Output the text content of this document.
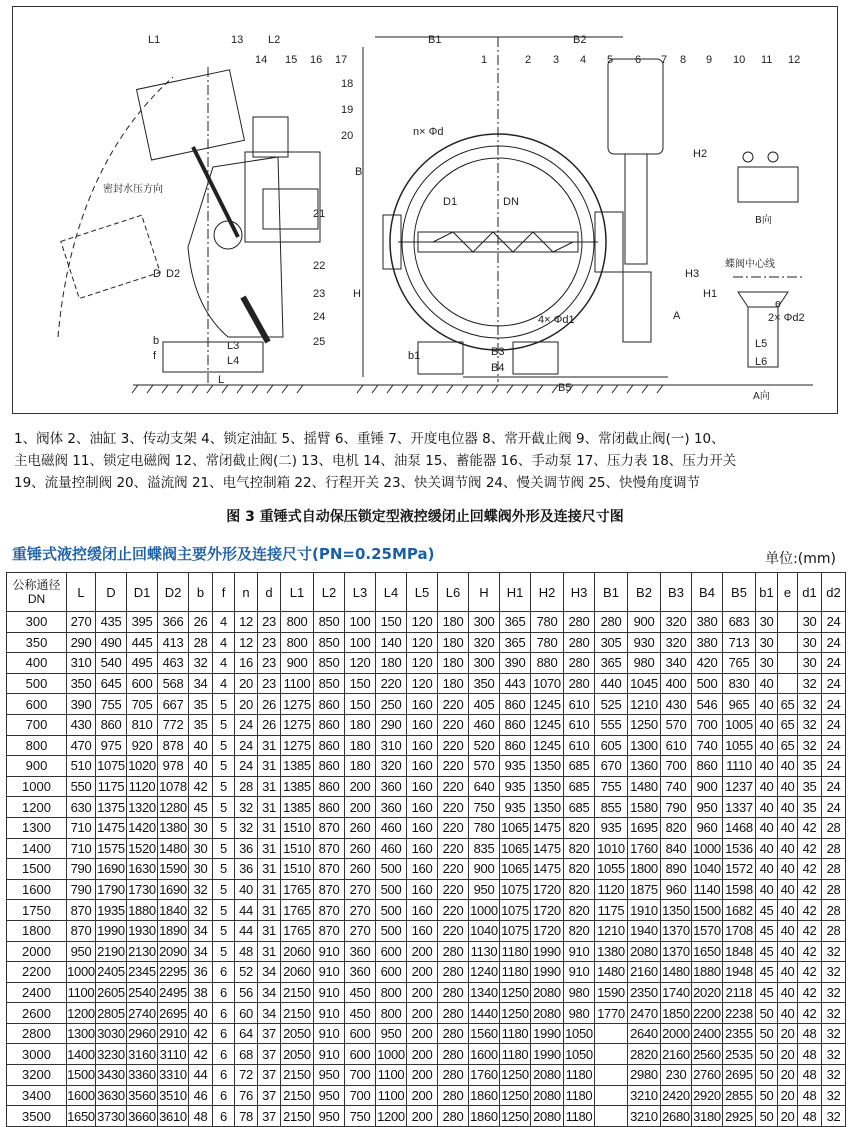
L1	L2	B1	B2
H	H1
H2
H3
D D2
L
L3
L4
L5
L6
B3
B4
B5
b
b1
f
e
D1	DN
B
A
n× Φd
4× Φd1	2× Φd2
密封水压方向
B向
A向
蝶阀中心线
1	2 3 4 5 6 7 8 9 10 11 12
13
14 15 16 17
18
19
20
21
22
23
24
25
1、阀体 2、油缸 3、传动支架 4、锁定油缸 5、摇臂 6、重锤 7、开度电位器 8、常开截止阀 9、常闭截止阀(一) 10、
主电磁阀 11、锁定电磁阀 12、常闭截止阀(二) 13、电机 14、油泵 15、蓄能器 16、手动泵 17、压力表 18、压力开关
19、流量控制阀 20、溢流阀 21、电气控制箱 22、行程开关 23、快关调节阀 24、慢关调节阀 25、快慢角度调节
图 3 重锤式自动保压锁定型液控缓闭止回蝶阀外形及连接尺寸图
重锤式液控缓闭止回蝶阀主要外形及连接尺寸(PN=0.25MPa)	单位:(mm)
公称通径DN	L	D	D1	D2	b	f	n	d	L1	L2	L3	L4	L5	L6	H	H1	H2	H3	B1	B2	B3	B4	B5	b1	e	d1	d2
300	270	435	395	366	26	4	12	23	800	850	100	150	120	180	300	365	780	280	280	900	320	380	683	30		30	24
350	290	490	445	413	28	4	12	23	800	850	100	140	120	180	320	365	780	280	305	930	320	380	713	30		30	24
400	310	540	495	463	32	4	16	23	900	850	120	180	120	180	300	390	880	280	365	980	340	420	765	30		30	24
500	350	645	600	568	34	4	20	23	1100	850	150	220	120	180	350	443	1070	280	440	1045	400	500	830	40		32	24
600	390	755	705	667	35	5	20	26	1275	860	150	250	160	220	405	860	1245	610	525	1210	430	546	965	40	65	32	24
700	430	860	810	772	35	5	24	26	1275	860	180	290	160	220	460	860	1245	610	555	1250	570	700	1005	40	65	32	24
800	470	975	920	878	40	5	24	31	1275	860	180	310	160	220	520	860	1245	610	605	1300	610	740	1055	40	65	32	24
900	510	1075	1020	978	40	5	24	31	1385	860	180	320	160	220	570	935	1350	685	670	1360	700	860	1110	40	40	35	24
1000	550	1175	1120	1078	42	5	28	31	1385	860	200	360	160	220	640	935	1350	685	755	1480	740	900	1237	40	40	35	24
1200	630	1375	1320	1280	45	5	32	31	1385	860	200	360	160	220	750	935	1350	685	855	1580	790	950	1337	40	40	35	24
1300	710	1475	1420	1380	30	5	32	31	1510	870	260	460	160	220	780	1065	1475	820	935	1695	820	960	1468	40	40	42	28
1400	710	1575	1520	1480	30	5	36	31	1510	870	260	460	160	220	835	1065	1475	820	1010	1760	840	1000	1536	40	40	42	28
1500	790	1690	1630	1590	30	5	36	31	1510	870	260	500	160	220	900	1065	1475	820	1055	1800	890	1040	1572	40	40	42	28
1600	790	1790	1730	1690	32	5	40	31	1765	870	270	500	160	220	950	1075	1720	820	1120	1875	960	1140	1598	40	40	42	28
1750	870	1935	1880	1840	32	5	44	31	1765	870	270	500	160	220	1000	1075	1720	820	1175	1910	1350	1500	1682	45	40	42	28
1800	870	1990	1930	1890	34	5	44	31	1765	870	270	500	160	220	1040	1075	1720	820	1210	1940	1370	1570	1708	45	40	42	28
2000	950	2190	2130	2090	34	5	48	31	2060	910	360	600	200	280	1130	1180	1990	910	1380	2080	1370	1650	1848	45	40	42	32
2200	1000	2405	2345	2295	36	6	52	34	2060	910	360	600	200	280	1240	1180	1990	910	1480	2160	1480	1880	1948	45	40	42	32
2400	1100	2605	2540	2495	38	6	56	34	2150	910	450	800	200	280	1340	1250	2080	980	1590	2350	1740	2020	2118	45	40	42	32
2600	1200	2805	2740	2695	40	6	60	34	2150	910	450	800	200	280	1440	1250	2080	980	1770	2470	1850	2200	2238	50	40	42	32
2800	1300	3030	2960	2910	42	6	64	37	2050	910	600	950	200	280	1560	1180	1990	1050		2640	2000	2400	2355	50	20	48	32
3000	1400	3230	3160	3110	42	6	68	37	2050	910	600	1000	200	280	1600	1180	1990	1050		2820	2160	2560	2535	50	20	48	32
3200	1500	3430	3360	3310	44	6	72	37	2150	950	700	1100	200	280	1760	1250	2080	1180		2980	230	2760	2695	50	20	48	32
3400	1600	3630	3560	3510	46	6	76	37	2150	950	700	1100	200	280	1860	1250	2080	1180		3210	2420	2920	2855	50	20	48	32
3500	1650	3730	3660	3610	48	6	78	37	2150	950	750	1200	200	280	1860	1250	2080	1180		3210	2680	3180	2925	50	20	48	32
